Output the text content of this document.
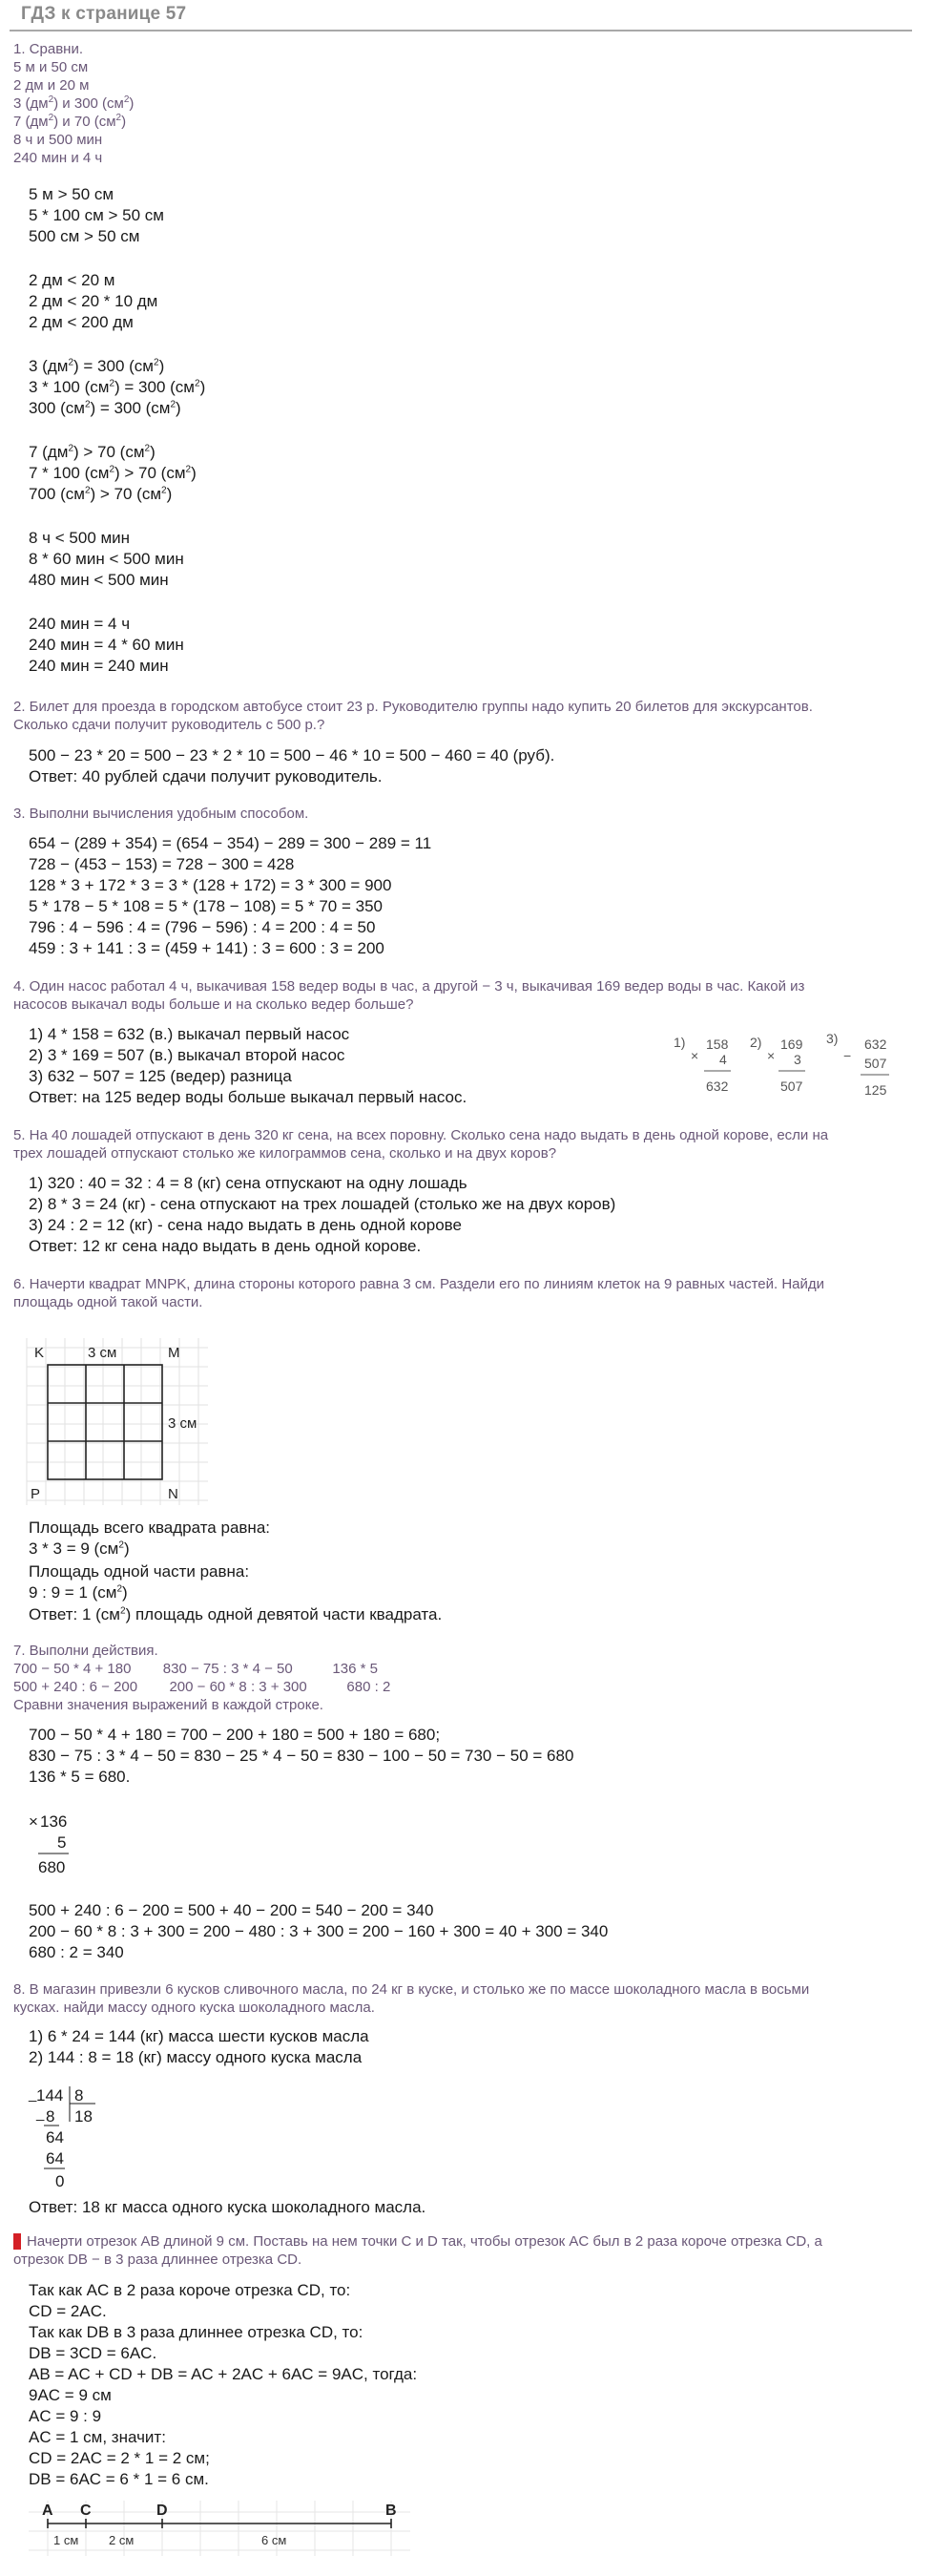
ГДЗ к странице 57
1. Сравни.
5 м и 50 см
2 дм и 20 м
3 $(дм^2)$ и 300 $(см^2)$
7 $(дм^2)$ и 70 $(см^2)$
8 ч и 500 мин
240 мин и 4 ч
5 м > 50 см
5 * 100 см > 50 см
500 см > 50 см
2 дм < 20 м
2 дм < 20 * 10 дм
2 дм < 200 дм
3 $(дм^2) = 300$ $(см^2)$
3 * 100 $(см^2) = 300$ $(см^2)$
300 $(см^2) = 300$ $(см^2)$
7 $(дм^2) > 70$ $(см^2)$
7 * 100 $(см^2) > 70$ $(см^2)$
700 $(см^2) > 70$ $(см^2)$
8 ч < 500 мин
8 * 60 мин < 500 мин
480 мин < 500 мин
240 мин = 4 ч
240 мин = 4 * 60 мин
240 мин = 240 мин
2. Билет для проезда в городском автобусе стоит 23 р. Руководителю группы надо купить 20 билетов для экскурсантов.
Сколько сдачи получит руководитель с 500 р.?
500 − 23 * 20 = 500 − 23 * 2 * 10 = 500 − 46 * 10 = 500 − 460 = 40 (руб).
Ответ: 40 рублей сдачи получит руководитель.
3. Выполни вычисления удобным способом.
654 − (289 + 354) = (654 − 354) − 289 = 300 − 289 = 11
728 − (453 − 153) = 728 − 300 = 428
128 * 3 + 172 * 3 = 3 * (128 + 172) = 3 * 300 = 900
5 * 178 − 5 * 108 = 5 * (178 − 108) = 5 * 70 = 350
796 : 4 − 596 : 4 = (796 − 596) : 4 = 200 : 4 = 50
459 : 3 + 141 : 3 = (459 + 141) : 3 = 600 : 3 = 200
4. Один насос работал 4 ч, выкачивая 158 ведер воды в час, а другой − 3 ч, выкачивая 169 ведер воды в час. Какой из
насосов выкачал воды больше и на сколько ведер больше?
1) 4 * 158 = 632 (в.) выкачал первый насос
2) 3 * 169 = 507 (в.) выкачал второй насос
3) 632 − 507 = 125 (ведер) разница
Ответ: на 125 ведер воды больше выкачал первый насос.
1)
×
158
4
632
2)
×
169
3
507
3)
−
632
507
125
5. На 40 лошадей отпускают в день 320 кг сена, на всех поровну. Сколько сена надо выдать в день одной корове, если на
трех лошадей отпускают столько же килограммов сена, сколько и на двух коров?
1) 320 : 40 = 32 : 4 = 8 (кг) сена отпускают на одну лошадь
2) 8 * 3 = 24 (кг) - сена отпускают на трех лошадей (столько же на двух коров)
3) 24 : 2 = 12 (кг) - сена надо выдать в день одной корове
Ответ: 12 кг сена надо выдать в день одной корове.
6. Начерти квадрат MNPK, длина стороны которого равна 3 см. Раздели его по линиям клеток на 9 равных частей. Найди
площадь одной такой части.
K	M
P	N
3 см
3 см
Площадь всего квадрата равна:
3 * 3 = 9 $(см^2)$
Площадь одной части равна:
9 : 9 = 1 $(см^2)$
Ответ: 1 $(см^2)$ площадь одной девятой части квадрата.
7. Выполни действия.
700 − 50 * 4 + 180        830 − 75 : 3 * 4 − 50          136 * 5
500 + 240 : 6 − 200        200 − 60 * 8 : 3 + 300          680 : 2
Сравни значения выражений в каждой строке.
700 − 50 * 4 + 180 = 700 − 200 + 180 = 500 + 180 = 680;
830 − 75 : 3 * 4 − 50 = 830 − 25 * 4 − 50 = 830 − 100 − 50 = 730 − 50 = 680
136 * 5 = 680.
× 136
5
680
500 + 240 : 6 − 200 = 500 + 40 − 200 = 540 − 200 = 340
200 − 60 * 8 : 3 + 300 = 200 − 480 : 3 + 300 = 200 − 160 + 300 = 40 + 300 = 340
680 : 2 = 340
8. В магазин привезли 6 кусков сливочного масла, по 24 кг в куске, и столько же по массе шоколадного масла в восьми
кусках. найди массу одного куска шоколадного масла.
1) 6 * 24 = 144 (кг) масса шести кусков масла
2) 144 : 8 = 18 (кг) массу одного куска масла
_ 144 8
18
_ 8
64
64
0
Ответ: 18 кг масса одного куска шоколадного масла.
Начерти отрезок AB длиной 9 см. Поставь на нем точки C и D так, чтобы отрезок AC был в 2 раза короче отрезка CD, а
отрезок DB − в 3 раза длиннее отрезка CD.
Так как AC в 2 раза короче отрезка CD, то:
CD = 2AC.
Так как DB в 3 раза длиннее отрезка CD, то:
DB = 3CD = 6AC.
AB = AC + CD + DB = AC + 2AC + 6AC = 9AC, тогда:
9AC = 9 см
AC = 9 : 9
AC = 1 см, значит:
CD = 2AC = 2 * 1 = 2 см;
DB = 6AC = 6 * 1 = 6 см.
A C	D	B
1 см 2 см	6 см
